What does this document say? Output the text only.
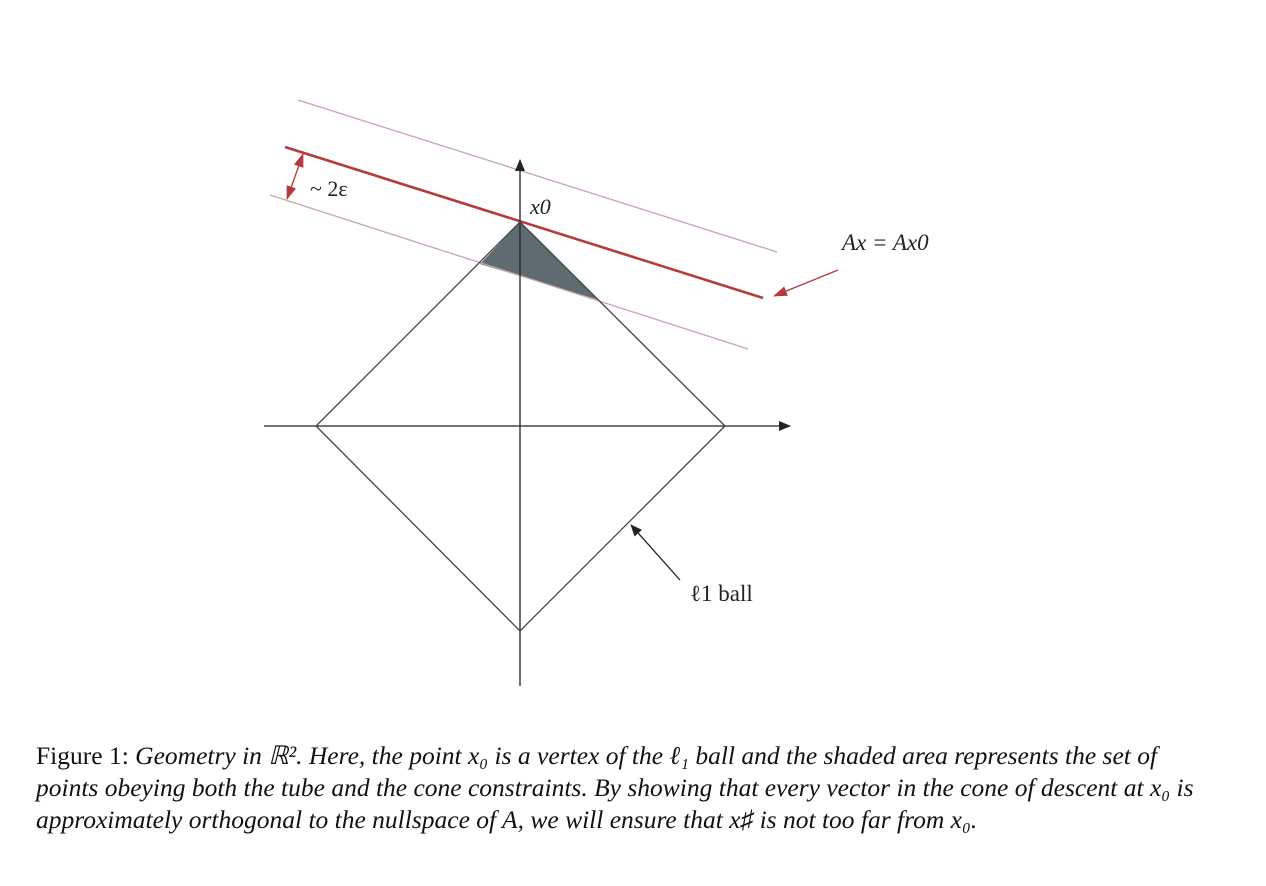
~ 2ε
x0
Ax = Ax0
ℓ1 ball
Figure 1: Geometry in ℝ². Here, the point x₀ is a vertex of the ℓ₁ ball and the shaded area represents the set of points obeying both the tube and the cone constraints. By showing that every vector in the cone of descent at x₀ is approximately orthogonal to the nullspace of A, we will ensure that x♯ is not too far from x₀.
